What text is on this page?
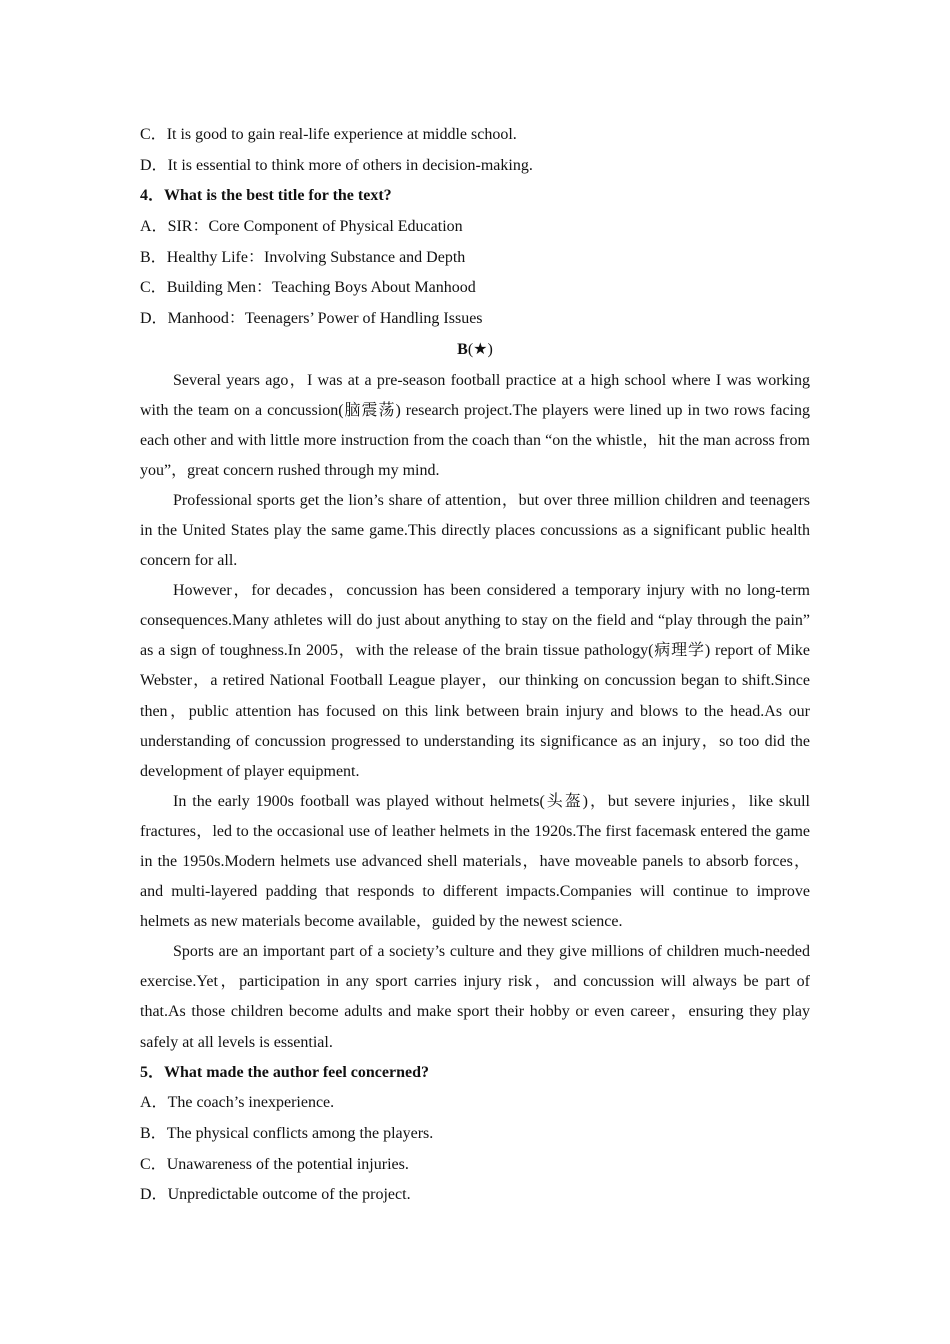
C．It is good to gain real-life experience at middle school.
D．It is essential to think more of others in decision-making.
4．What is the best title for the text?
A．SIR：Core Component of Physical Education
B．Healthy Life：Involving Substance and Depth
C．Building Men：Teaching Boys About Manhood
D．Manhood：Teenagers’ Power of Handling Issues
B(★)

Several years ago，I was at a pre-season football practice at a high school where I was working with the team on a concussion(脑震荡) research project.The players were lined up in two rows facing each other and with little more instruction from the coach than “on the whistle，hit the man across from you”，great concern rushed through my mind.

Professional sports get the lion’s share of attention，but over three million children and teenagers in the United States play the same game.This directly places concussions as a significant public health concern for all.

However，for decades，concussion has been considered a temporary injury with no long-term consequences.Many athletes will do just about anything to stay on the field and “play through the pain” as a sign of toughness.In 2005，with the release of the brain tissue pathology(病理学) report of Mike Webster，a retired National Football League player，our thinking on concussion began to shift.Since then，public attention has focused on this link between brain injury and blows to the head.As our understanding of concussion progressed to understanding its significance as an injury，so too did the development of player equipment.

In the early 1900s football was played without helmets(头盔)，but severe injuries，like skull fractures，led to the occasional use of leather helmets in the 1920s.The first facemask entered the game in the 1950s.Modern helmets use advanced shell materials，have moveable panels to absorb forces，and multi-layered padding that responds to different impacts.Companies will continue to improve helmets as new materials become available，guided by the newest science.

Sports are an important part of a society’s culture and they give millions of children much-needed exercise.Yet，participation in any sport carries injury risk，and concussion will always be part of that.As those children become adults and make sport their hobby or even career，ensuring they play safely at all levels is essential.

5．What made the author feel concerned?
A．The coach’s inexperience.
B．The physical conflicts among the players.
C．Unawareness of the potential injuries.
D．Unpredictable outcome of the project.
